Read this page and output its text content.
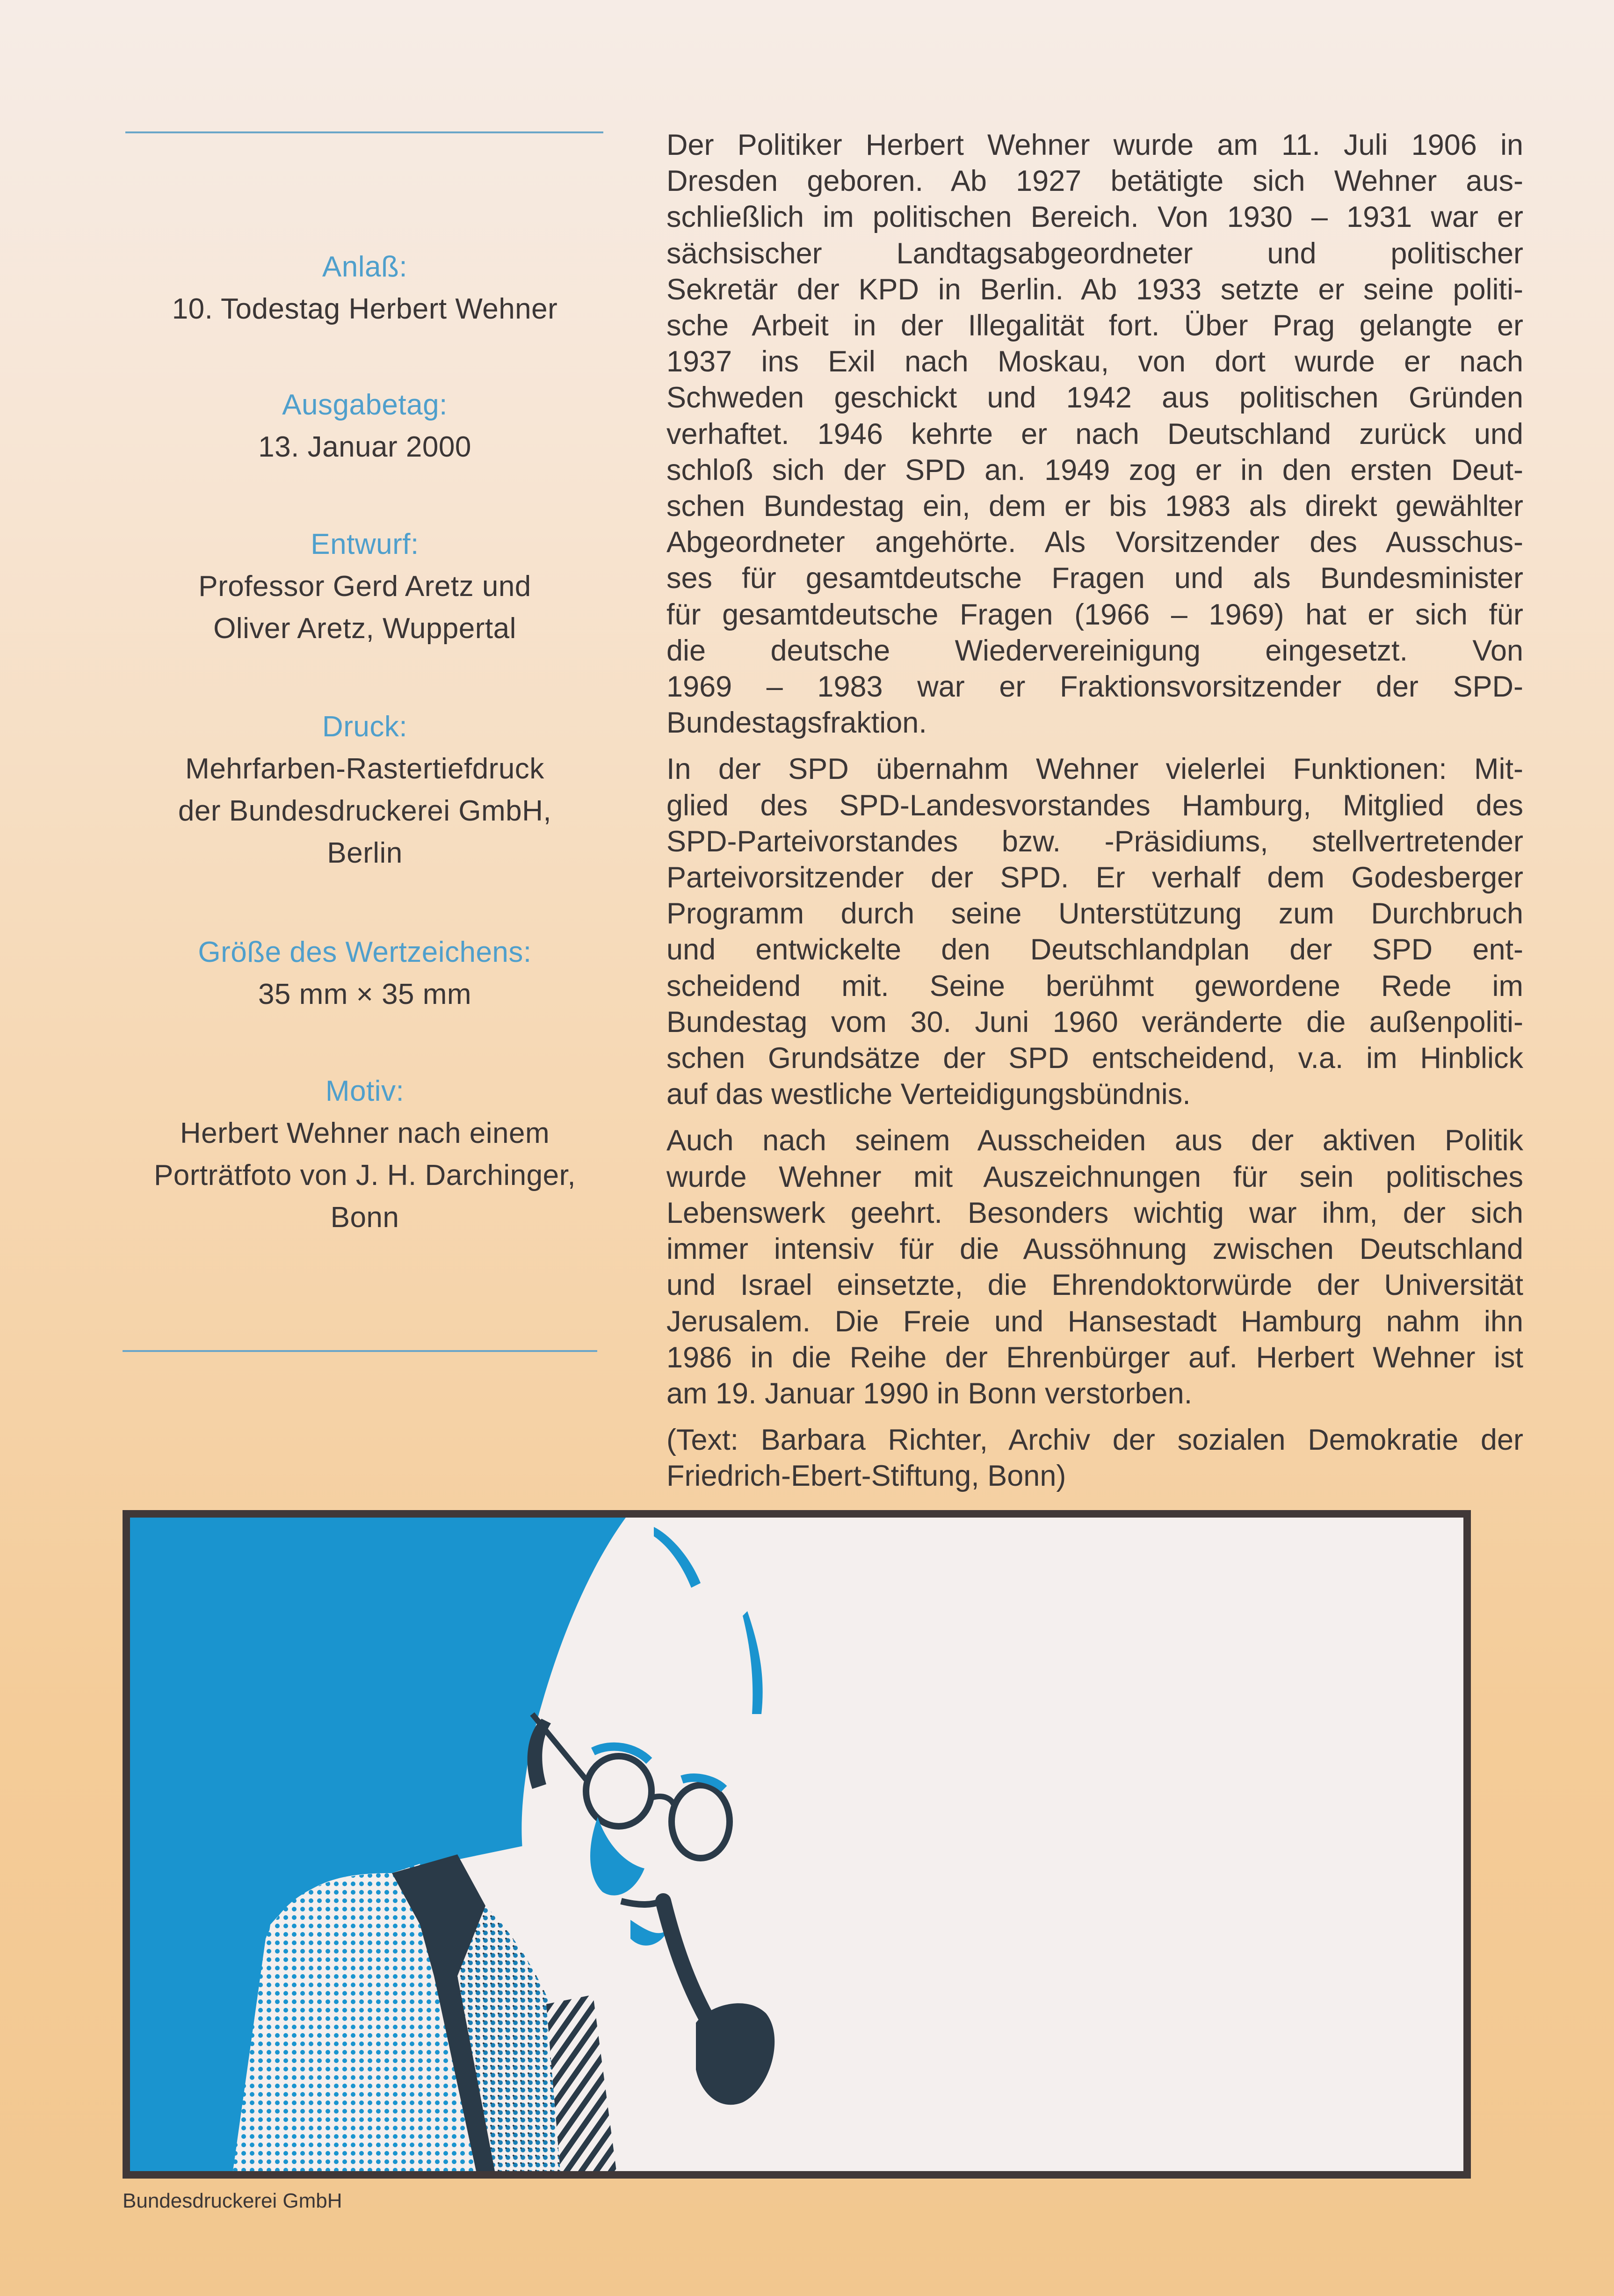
Anlaß:
10. Todestag Herbert Wehner
Ausgabetag:
13. Januar 2000
Entwurf:
Professor Gerd Aretz und
Oliver Aretz, Wuppertal
Druck:
Mehrfarben-Rastertiefdruck
der Bundesdruckerei GmbH,
Berlin
Größe des Wertzeichens:
35 mm × 35 mm
Motiv:
Herbert Wehner nach einem
Porträtfoto von J. H. Darchinger,
Bonn

Der Politiker Herbert Wehner wurde am 11. Juli 1906 in
Dresden geboren. Ab 1927 betätigte sich Wehner aus-
schließlich im politischen Bereich. Von 1930 – 1931 war er
sächsischer Landtagsabgeordneter und politischer
Sekretär der KPD in Berlin. Ab 1933 setzte er seine politi-
sche Arbeit in der Illegalität fort. Über Prag gelangte er
1937 ins Exil nach Moskau, von dort wurde er nach
Schweden geschickt und 1942 aus politischen Gründen
verhaftet. 1946 kehrte er nach Deutschland zurück und
schloß sich der SPD an. 1949 zog er in den ersten Deut-
schen Bundestag ein, dem er bis 1983 als direkt gewählter
Abgeordneter angehörte. Als Vorsitzender des Ausschus-
ses für gesamtdeutsche Fragen und als Bundesminister
für gesamtdeutsche Fragen (1966 – 1969) hat er sich für
die deutsche Wiedervereinigung eingesetzt. Von
1969 – 1983 war er Fraktionsvorsitzender der SPD-
Bundestagsfraktion.

In der SPD übernahm Wehner vielerlei Funktionen: Mit-
glied des SPD-Landesvorstandes Hamburg, Mitglied des
SPD-Parteivorstandes bzw. -Präsidiums, stellvertretender
Parteivorsitzender der SPD. Er verhalf dem Godesberger
Programm durch seine Unterstützung zum Durchbruch
und entwickelte den Deutschlandplan der SPD ent-
scheidend mit. Seine berühmt gewordene Rede im
Bundestag vom 30. Juni 1960 veränderte die außenpoliti-
schen Grundsätze der SPD entscheidend, v.a. im Hinblick
auf das westliche Verteidigungsbündnis.

Auch nach seinem Ausscheiden aus der aktiven Politik
wurde Wehner mit Auszeichnungen für sein politisches
Lebenswerk geehrt. Besonders wichtig war ihm, der sich
immer intensiv für die Aussöhnung zwischen Deutschland
und Israel einsetzte, die Ehrendoktorwürde der Universität
Jerusalem. Die Freie und Hansestadt Hamburg nahm ihn
1986 in die Reihe der Ehrenbürger auf. Herbert Wehner ist
am 19. Januar 1990 in Bonn verstorben.

(Text: Barbara Richter, Archiv der sozialen Demokratie der
Friedrich-Ebert-Stiftung, Bonn)

Bundesdruckerei GmbH
